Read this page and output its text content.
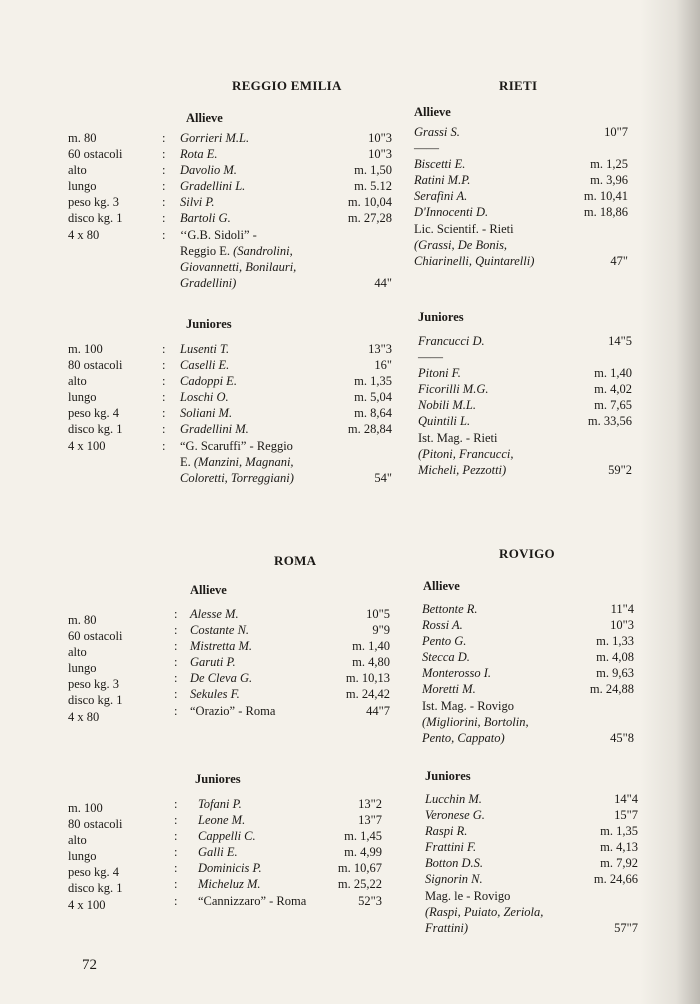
REGGIO EMILIA
Allieve
m. 80
60 ostacoli
alto
lungo
peso kg. 3
disco kg. 1
4 x 80
:
:
:
:
:
:
:
Gorrieri M.L.
Rota E.
Davolio M.
Gradellini L.
Silvi P.
Bartoli G.
‘‘G.B. Sidoli” -
Reggio E. (Sandrolini,
Giovannetti, Bonilauri,
Gradellini)
10"3
10"3
m. 1,50
m. 5.12
m. 10,04
m. 27,28
44"
Juniores
m. 100
80 ostacoli
alto
lungo
peso kg. 4
disco kg. 1
4 x 100
:
:
:
:
:
:
:
Lusenti T.
Caselli E.
Cadoppi E.
Loschi O.
Soliani M.
Gradellini M.
“G. Scaruffi” - Reggio
E. (Manzini, Magnani,
Coloretti, Torreggiani)
13"3
16"
m. 1,35
m. 5,04
m. 8,64
m. 28,84
54"
RIETI
Allieve
Grassi S.
——
Biscetti E.
Ratini M.P.
Serafini A.
D'Innocenti D.
Lic. Scientif. - Rieti
(Grassi, De Bonis,
Chiarinelli, Quintarelli)
10"7
m. 1,25
m. 3,96
m. 10,41
m. 18,86
47"
Juniores
Francucci D.
——
Pitoni F.
Ficorilli M.G.
Nobili M.L.
Quintili L.
Ist. Mag. - Rieti
(Pitoni, Francucci,
Micheli, Pezzotti)
14"5
m. 1,40
m. 4,02
m. 7,65
m. 33,56
59"2
ROMA
Allieve
m. 80
60 ostacoli
alto
lungo
peso kg. 3
disco kg. 1
4 x 80
:
:
:
:
:
:
:
Alesse M.
Costante N.
Mistretta M.
Garuti P.
De Cleva G.
Sekules F.
“Orazio” - Roma
10"5
9"9
m. 1,40
m. 4,80
m. 10,13
m. 24,42
44"7
Juniores
m. 100
80 ostacoli
alto
lungo
peso kg. 4
disco kg. 1
4 x 100
:
:
:
:
:
:
:
Tofani P.
Leone M.
Cappelli C.
Galli E.
Dominicis P.
Micheluz M.
“Cannizzaro” - Roma
13"2
13"7
m. 1,45
m. 4,99
m. 10,67
m. 25,22
52"3
ROVIGO
Allieve
Bettonte R.
Rossi A.
Pento G.
Stecca D.
Monterosso I.
Moretti M.
Ist. Mag. - Rovigo
(Migliorini, Bortolin,
Pento, Cappato)
11"4
10"3
m. 1,33
m. 4,08
m. 9,63
m. 24,88
45"8
Juniores
Lucchin M.
Veronese G.
Raspi R.
Frattini F.
Botton D.S.
Signorin N.
Mag. le - Rovigo
(Raspi, Puiato, Zeriola,
Frattini)
14"4
15"7
m. 1,35
m. 4,13
m. 7,92
m. 24,66
57"7
72
